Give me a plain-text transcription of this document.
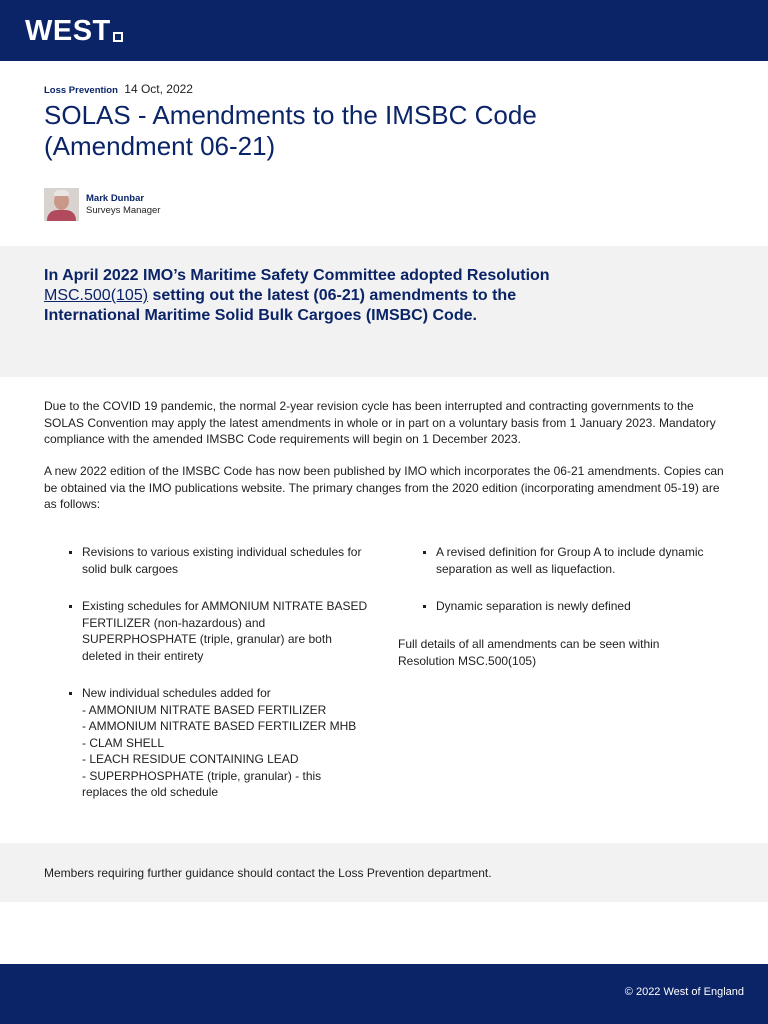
WEST
Loss Prevention 14 Oct, 2022
SOLAS - Amendments to the IMSBC Code (Amendment 06-21)
Mark Dunbar
Surveys Manager

In April 2022 IMO’s Maritime Safety Committee adopted Resolution MSC.500(105) setting out the latest (06-21) amendments to the International Maritime Solid Bulk Cargoes (IMSBC) Code.

Due to the COVID 19 pandemic, the normal 2-year revision cycle has been interrupted and contracting governments to the SOLAS Convention may apply the latest amendments in whole or in part on a voluntary basis from 1 January 2023. Mandatory compliance with the amended IMSBC Code requirements will begin on 1 December 2023.

A new 2022 edition of the IMSBC Code has now been published by IMO which incorporates the 06-21 amendments. Copies can be obtained via the IMO publications website. The primary changes from the 2020 edition (incorporating amendment 05-19) are as follows:

Revisions to various existing individual schedules for solid bulk cargoes
Existing schedules for AMMONIUM NITRATE BASED FERTILIZER (non-hazardous) and SUPERPHOSPHATE (triple, granular) are both deleted in their entirety
New individual schedules added for
- AMMONIUM NITRATE BASED FERTILIZER
- AMMONIUM NITRATE BASED FERTILIZER MHB
- CLAM SHELL
- LEACH RESIDUE CONTAINING LEAD
- SUPERPHOSPHATE (triple, granular) - this replaces the old schedule
A revised definition for Group A to include dynamic separation as well as liquefaction.
Dynamic separation is newly defined

Full details of all amendments can be seen within Resolution MSC.500(105)

Members requiring further guidance should contact the Loss Prevention department.

© 2022 West of England
